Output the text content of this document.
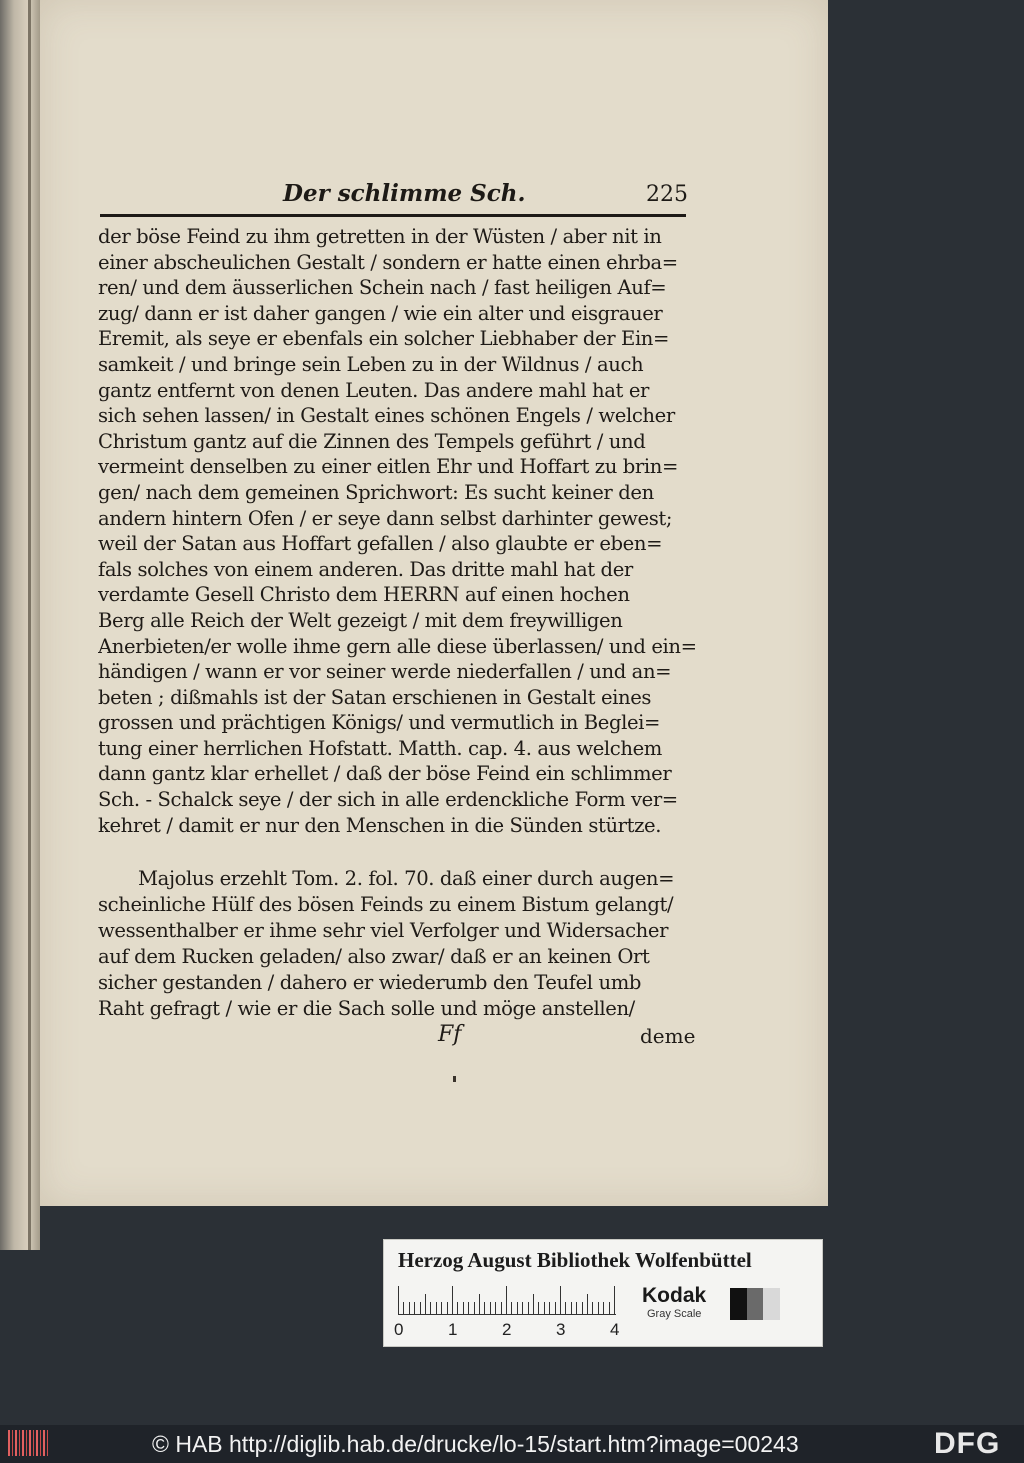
Der schlimme Sch.	225
der böse Feind zu ihm getretten in der Wüsten / aber nit in
einer abscheulichen Gestalt / sondern er hatte einen ehrba=
ren/ und dem äusserlichen Schein nach / fast heiligen Auf=
zug/ dann er ist daher gangen / wie ein alter und eisgrauer
Eremit, als seye er ebenfals ein solcher Liebhaber der Ein=
samkeit / und bringe sein Leben zu in der Wildnus / auch
gantz entfernt von denen Leuten. Das andere mahl hat er
sich sehen lassen/ in Gestalt eines schönen Engels / welcher
Christum gantz auf die Zinnen des Tempels geführt / und
vermeint denselben zu einer eitlen Ehr und Hoffart zu brin=
gen/ nach dem gemeinen Sprichwort: Es sucht keiner den
andern hintern Ofen / er seye dann selbst darhinter gewest;
weil der Satan aus Hoffart gefallen / also glaubte er eben=
fals solches von einem anderen. Das dritte mahl hat der
verdamte Gesell Christo dem HERRN auf einen hochen
Berg alle Reich der Welt gezeigt / mit dem freywilligen
Anerbieten/er wolle ihme gern alle diese überlassen/ und ein=
händigen / wann er vor seiner werde niederfallen / und an=
beten ; dißmahls ist der Satan erschienen in Gestalt eines
grossen und prächtigen Königs/ und vermutlich in Beglei=
tung einer herrlichen Hofstatt. Matth. cap. 4. aus welchem
dann gantz klar erhellet / daß der böse Feind ein schlimmer
Sch. - Schalck seye / der sich in alle erdenckliche Form ver=
kehret / damit er nur den Menschen in die Sünden stürtze.
Majolus erzehlt Tom. 2. fol. 70. daß einer durch augen=
scheinliche Hülf des bösen Feinds zu einem Bistum gelangt/
wessenthalber er ihme sehr viel Verfolger und Widersacher
auf dem Rucken geladen/ also zwar/ daß er an keinen Ort
sicher gestanden / dahero er wiederumb den Teufel umb
Raht gefragt / wie er die Sach solle und möge anstellen/
Ff	deme
Herzog August Bibliothek Wolfenbüttel
0	1	2	3	4
Kodak
Gray Scale
© HAB http://diglib.hab.de/drucke/lo-15/start.htm?image=00243	DFG
